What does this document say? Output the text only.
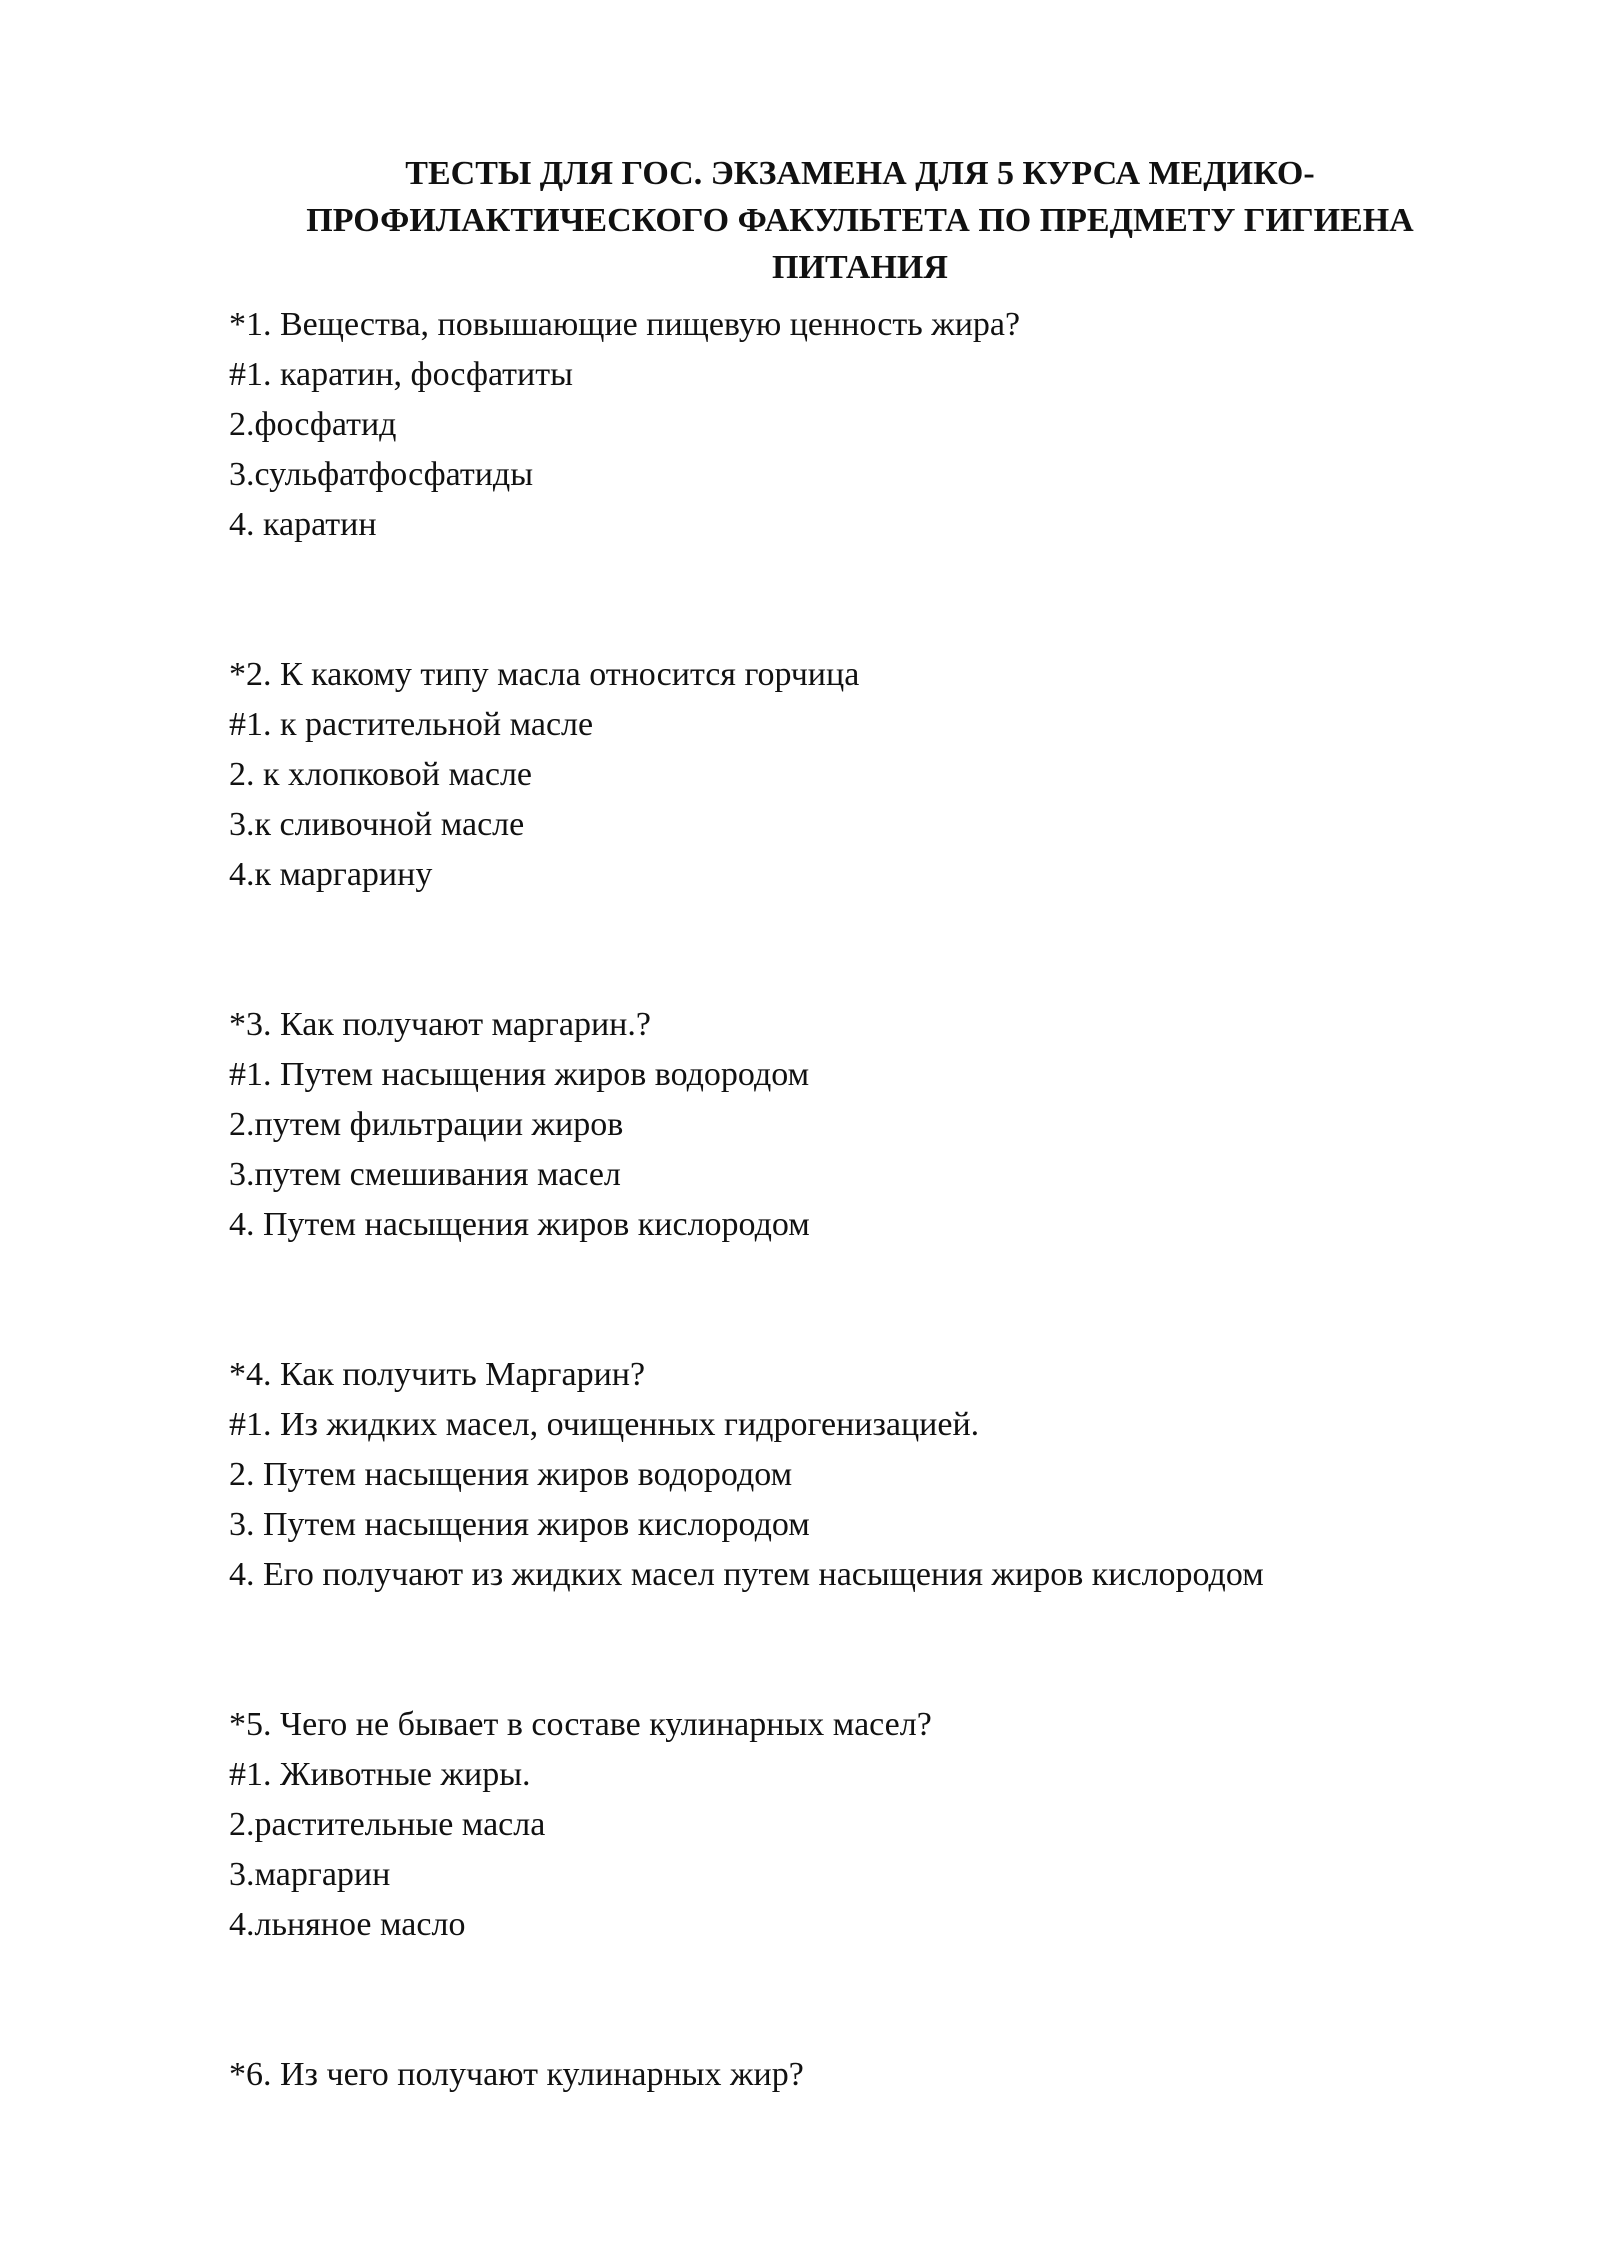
ТЕСТЫ ДЛЯ ГОС. ЭКЗАМЕНА ДЛЯ 5 КУРСА МЕДИКО-
ПРОФИЛАКТИЧЕСКОГО ФАКУЛЬТЕТА ПО ПРЕДМЕТУ ГИГИЕНА
ПИТАНИЯ
*1. Вещества, повышающие пищевую ценность жира?
#1. каратин, фосфатиты
2.фосфатид
3.сульфатфосфатиды
4. каратин
*2. К какому типу масла относится горчица
#1. к растительной масле
2. к хлопковой масле
3.к сливочной масле
4.к маргарину
*3. Как получают маргарин.?
#1. Путем насыщения жиров водородом
2.путем фильтрации жиров
3.путем смешивания масел
4. Путем насыщения жиров кислородом
*4. Как получить Маргарин?
#1. Из жидких масел, очищенных гидрогенизацией.
2. Путем насыщения жиров водородом
3. Путем насыщения жиров кислородом
4. Его получают из жидких масел путем насыщения жиров кислородом
*5. Чего не бывает в составе кулинарных масел?
#1. Животные жиры.
2.растительные масла
3.маргарин
4.льняное масло
*6. Из чего получают кулинарных жир?
